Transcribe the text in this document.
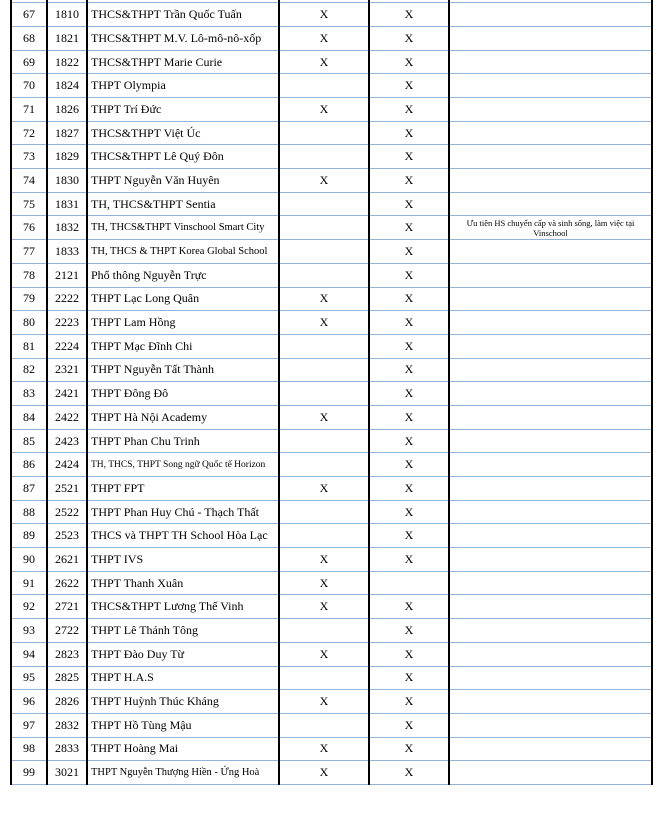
67	1810	THCS&THPT Trần Quốc Tuấn	X	X	
68	1821	THCS&THPT M.V. Lô-mô-nô-xốp	X	X	
69	1822	THCS&THPT Marie Curie	X	X	
70	1824	THPT Olympia		X	
71	1826	THPT Trí Đức	X	X	
72	1827	THCS&THPT Việt Úc		X	
73	1829	THCS&THPT Lê Quý Đôn		X	
74	1830	THPT Nguyễn Văn Huyên	X	X	
75	1831	TH, THCS&THPT Sentia		X	
76	1832	TH, THCS&THPT Vinschool Smart City		X	Ưu tiên HS chuyển cấp và sinh sống, làm việc tại Vinschool
77	1833	TH, THCS & THPT Korea Global School		X	
78	2121	Phổ thông Nguyễn Trực		X	
79	2222	THPT Lạc Long Quân	X	X	
80	2223	THPT Lam Hồng	X	X	
81	2224	THPT Mạc Đĩnh Chi		X	
82	2321	THPT Nguyễn Tất Thành		X	
83	2421	THPT Đông Đô		X	
84	2422	THPT Hà Nội Academy	X	X	
85	2423	THPT Phan Chu Trinh		X	
86	2424	TH, THCS, THPT Song ngữ Quốc tế Horizon		X	
87	2521	THPT FPT	X	X	
88	2522	THPT Phan Huy Chú - Thạch Thất		X	
89	2523	THCS và THPT TH School Hòa Lạc		X	
90	2621	THPT IVS	X	X	
91	2622	THPT Thanh Xuân	X		
92	2721	THCS&THPT Lương Thế Vinh	X	X	
93	2722	THPT Lê Thánh Tông		X	
94	2823	THPT Đào Duy Từ	X	X	
95	2825	THPT H.A.S		X	
96	2826	THPT Huỳnh Thúc Kháng	X	X	
97	2832	THPT Hồ Tùng Mậu		X	
98	2833	THPT Hoàng Mai	X	X	
99	3021	THPT Nguyễn Thượng Hiền - Ứng Hoà	X	X	
